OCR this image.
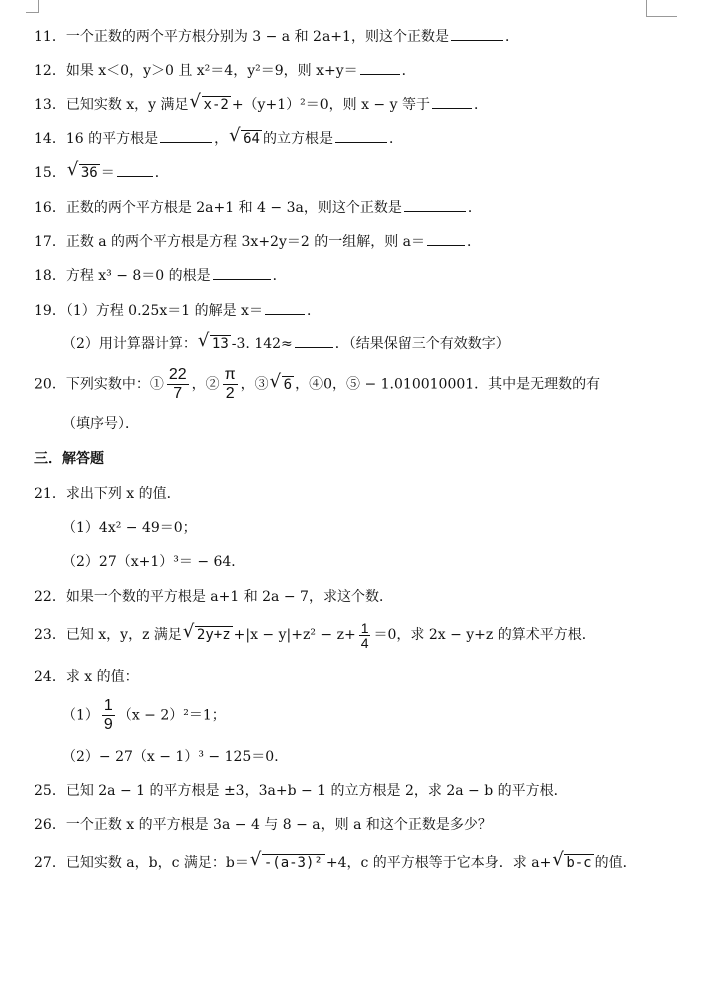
11．一个正数的两个平方根分别为 3 − a 和 2a+1，则这个正数是	．
12．如果 x＜0，y＞0 且 x²＝4，y²＝9，则 x+y＝	．
13．已知实数 x，y 满足 √ x-2 +（y+1）²＝0，则 x − y 等于	．
14．16 的平方根是	， √ 64 的立方根是	．
15． √ 36 ＝	．
16．正数的两个平方根是 2a+1 和 4 − 3a，则这个正数是	．
17．正数 a 的两个平方根是方程 3x+2y＝2 的一组解，则 a＝	．
18．方程 x³ − 8＝0 的根是	．
19．（1）方程 0.25x＝1 的解是 x＝	．
（2）用计算器计算： √ 13 -3. 142≈	．（结果保留三个有效数字）
20．下列实数中：① $\frac{22}{7}$ ，② $\frac{\pi}{2}$ ，③ √ 6 ，④0，⑤ − 1.010010001．其中是无理数的有
（填序号）．
三．解答题
21．求出下列 x 的值．
（1）4x² − 49＝0；
（2）27（x+1）³＝ − 64．
22．如果一个数的平方根是 a+1 和 2a − 7，求这个数．
23．已知 x，y，z 满足 √ $2y+z +|x - y|+z^2 - z+ \frac{1}{4} =0$，求 2x − y+z 的算术平方根．
24．求 x 的值：
$(1) \frac{1}{9} (x - 2)^2=1$；
（2）− 27（x − 1）³ − 125＝0．
25．已知 2a − 1 的平方根是 ±3，3a+b − 1 的立方根是 2，求 2a − b 的平方根．
26．一个正数 x 的平方根是 3a − 4 与 8 − a，则 a 和这个正数是多少？
27．已知实数 a，b，c 满足：b＝ √ -(a-3)² +4，c 的平方根等于它本身．求 a+ √ b-c 的值．
